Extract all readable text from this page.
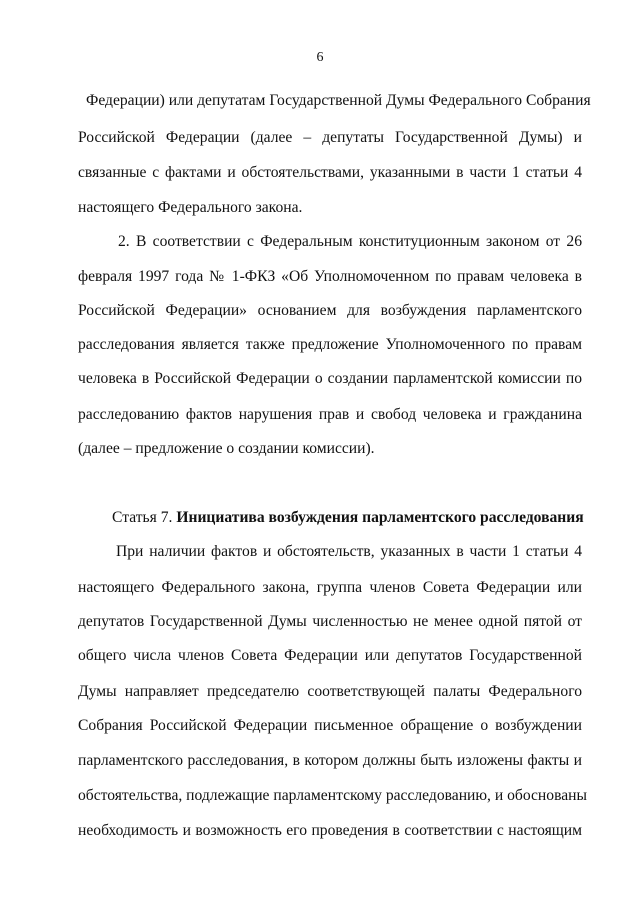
6
Федерации) или депутатам Государственной Думы Федерального Собрания
Российской Федерации (далее – депутаты Государственной Думы) и
связанные с фактами и обстоятельствами, указанными в части 1 статьи 4
настоящего Федерального закона.
2. В соответствии с Федеральным конституционным законом от 26
февраля 1997 года № 1-ФКЗ «Об Уполномоченном по правам человека в
Российской Федерации» основанием для возбуждения парламентского
расследования является также предложение Уполномоченного по правам
человека в Российской Федерации о создании парламентской комиссии по
расследованию фактов нарушения прав и свобод человека и гражданина
(далее – предложение о создании комиссии).
Статья 7. Инициатива возбуждения парламентского расследования
При наличии фактов и обстоятельств, указанных в части 1 статьи 4
настоящего Федерального закона, группа членов Совета Федерации или
депутатов Государственной Думы численностью не менее одной пятой от
общего числа членов Совета Федерации или депутатов Государственной
Думы направляет председателю соответствующей палаты Федерального
Собрания Российской Федерации письменное обращение о возбуждении
парламентского расследования, в котором должны быть изложены факты и
обстоятельства, подлежащие парламентскому расследованию, и обоснованы
необходимость и возможность его проведения в соответствии с настоящим
